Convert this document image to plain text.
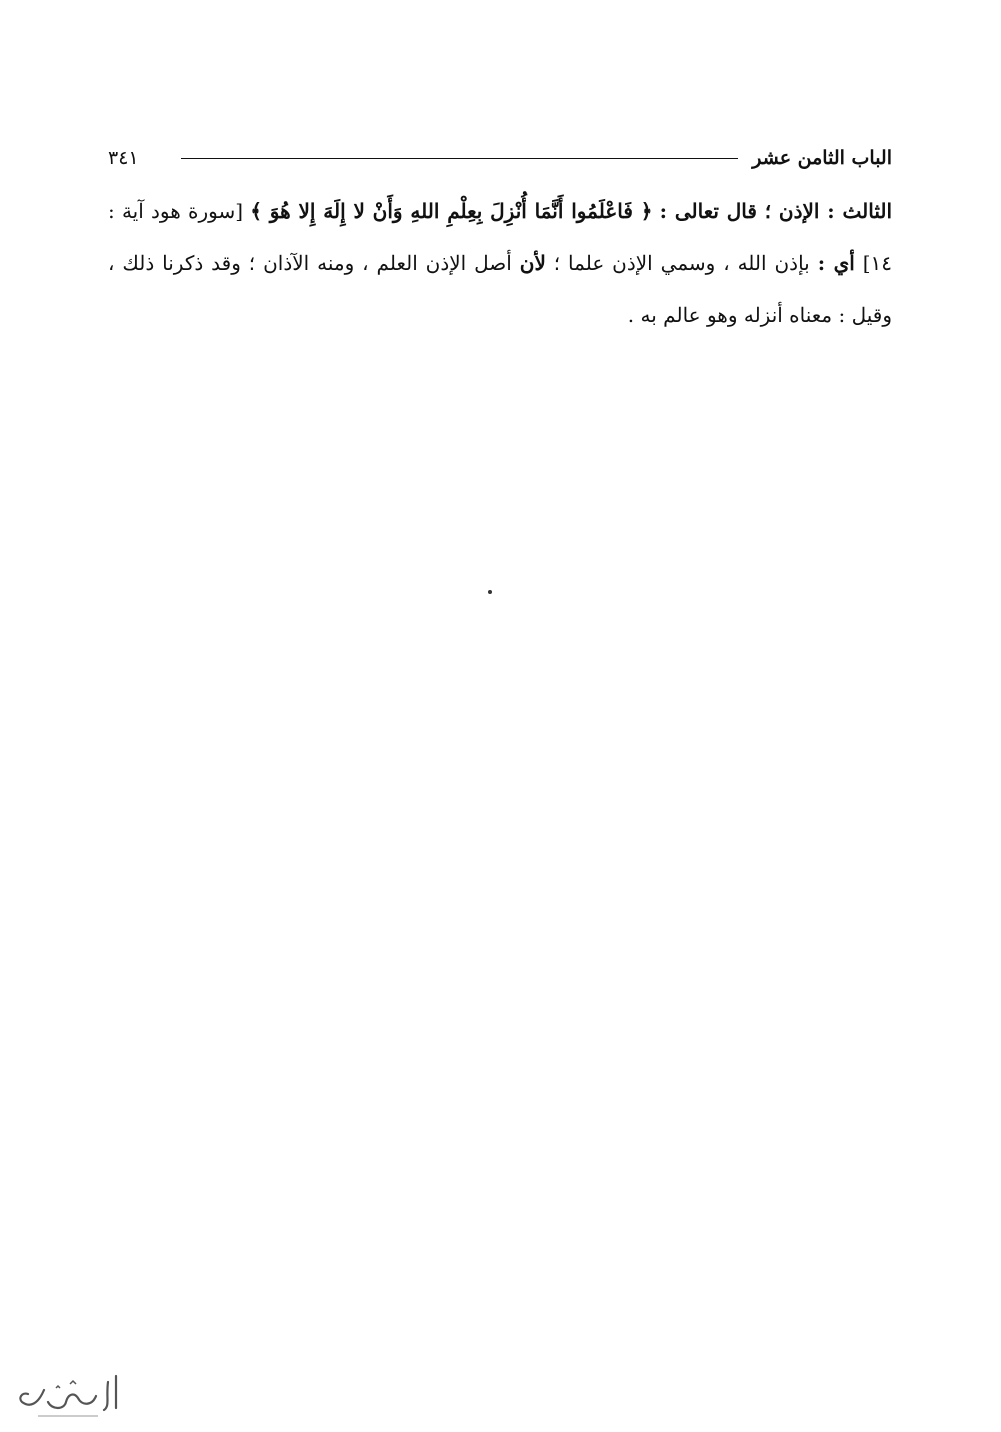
الباب الثامن عشر
٣٤١
الثالث : الإذن ؛ قال تعالى : ﴿ فَاعْلَمُوا أَنَّمَا أُنْزِلَ بِعِلْمِ اللهِ وَأَنْ لا إِلَهَ إِلا هُوَ ﴾ [سورة هود آية : ١٤] أي : بإذن الله ، وسمي الإذن علما ؛ لأن أصل الإذن العلم ، ومنه الآذان ؛ وقد ذكرنا ذلك ، وقيل : معناه أنزله وهو عالم به .
